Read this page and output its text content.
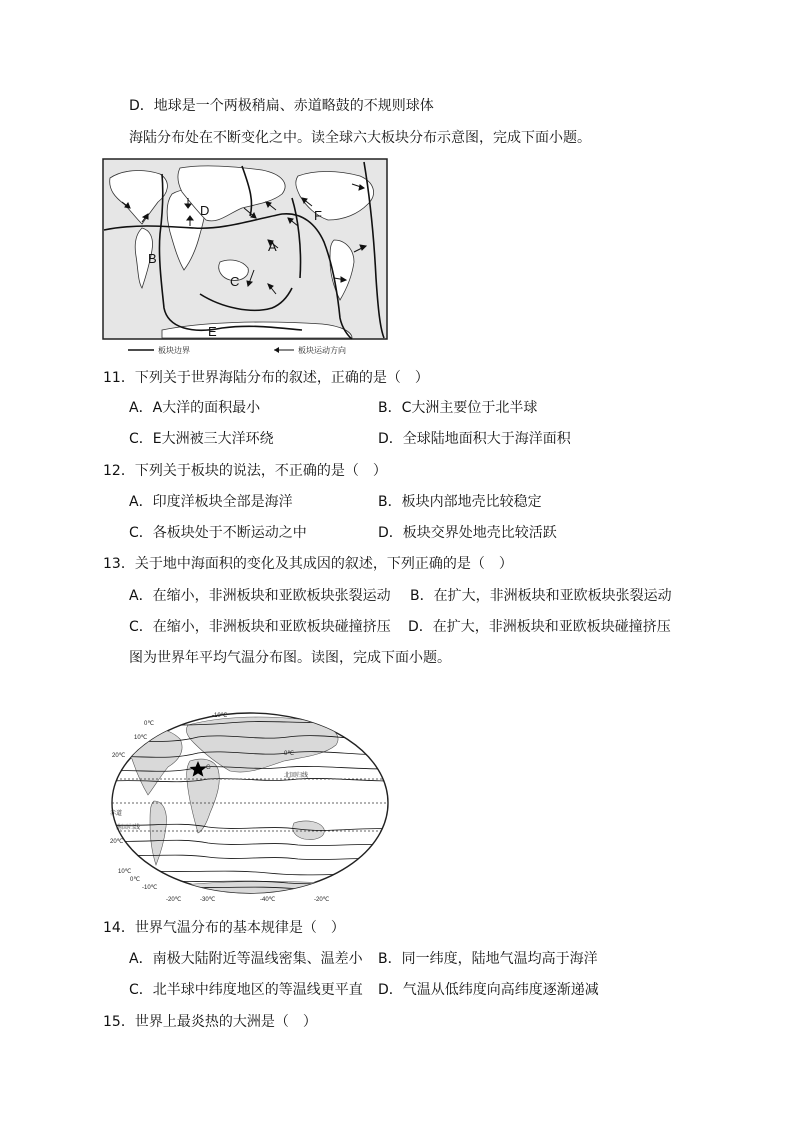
D．地球是一个两极稍扁、赤道略鼓的不规则球体
海陆分布处在不断变化之中。读全球六大板块分布示意图，完成下面小题。
A
B
C
D
E
F
板块边界	板块运动方向
11．下列关于世界海陆分布的叙述，正确的是（　）
A．A大洋的面积最小	B．C大洲主要位于北半球
C．E大洲被三大洋环绕	D．全球陆地面积大于海洋面积
12．下列关于板块的说法，不正确的是（　）
A．印度洋板块全部是海洋	B．板块内部地壳比较稳定
C．各板块处于不断运动之中	D．板块交界处地壳比较活跃
13．关于地中海面积的变化及其成因的叙述，下列正确的是（　）
A．在缩小，非洲板块和亚欧板块张裂运动 B．在扩大，非洲板块和亚欧板块张裂运动
C．在缩小，非洲板块和亚欧板块碰撞挤压 D．在扩大，非洲板块和亚欧板块碰撞挤压
图为世界年平均气温分布图。读图，完成下面小题。
-10℃
0℃
10℃
20℃
20℃
10℃
0℃
-10℃
-20℃	-30℃	-40℃	-20℃
0℃
赤道
北回归线
南回归线
G
14．世界气温分布的基本规律是（　）
A．南极大陆附近等温线密集、温差小 B．同一纬度，陆地气温均高于海洋
C．北半球中纬度地区的等温线更平直 D．气温从低纬度向高纬度逐渐递减
15．世界上最炎热的大洲是（　）
